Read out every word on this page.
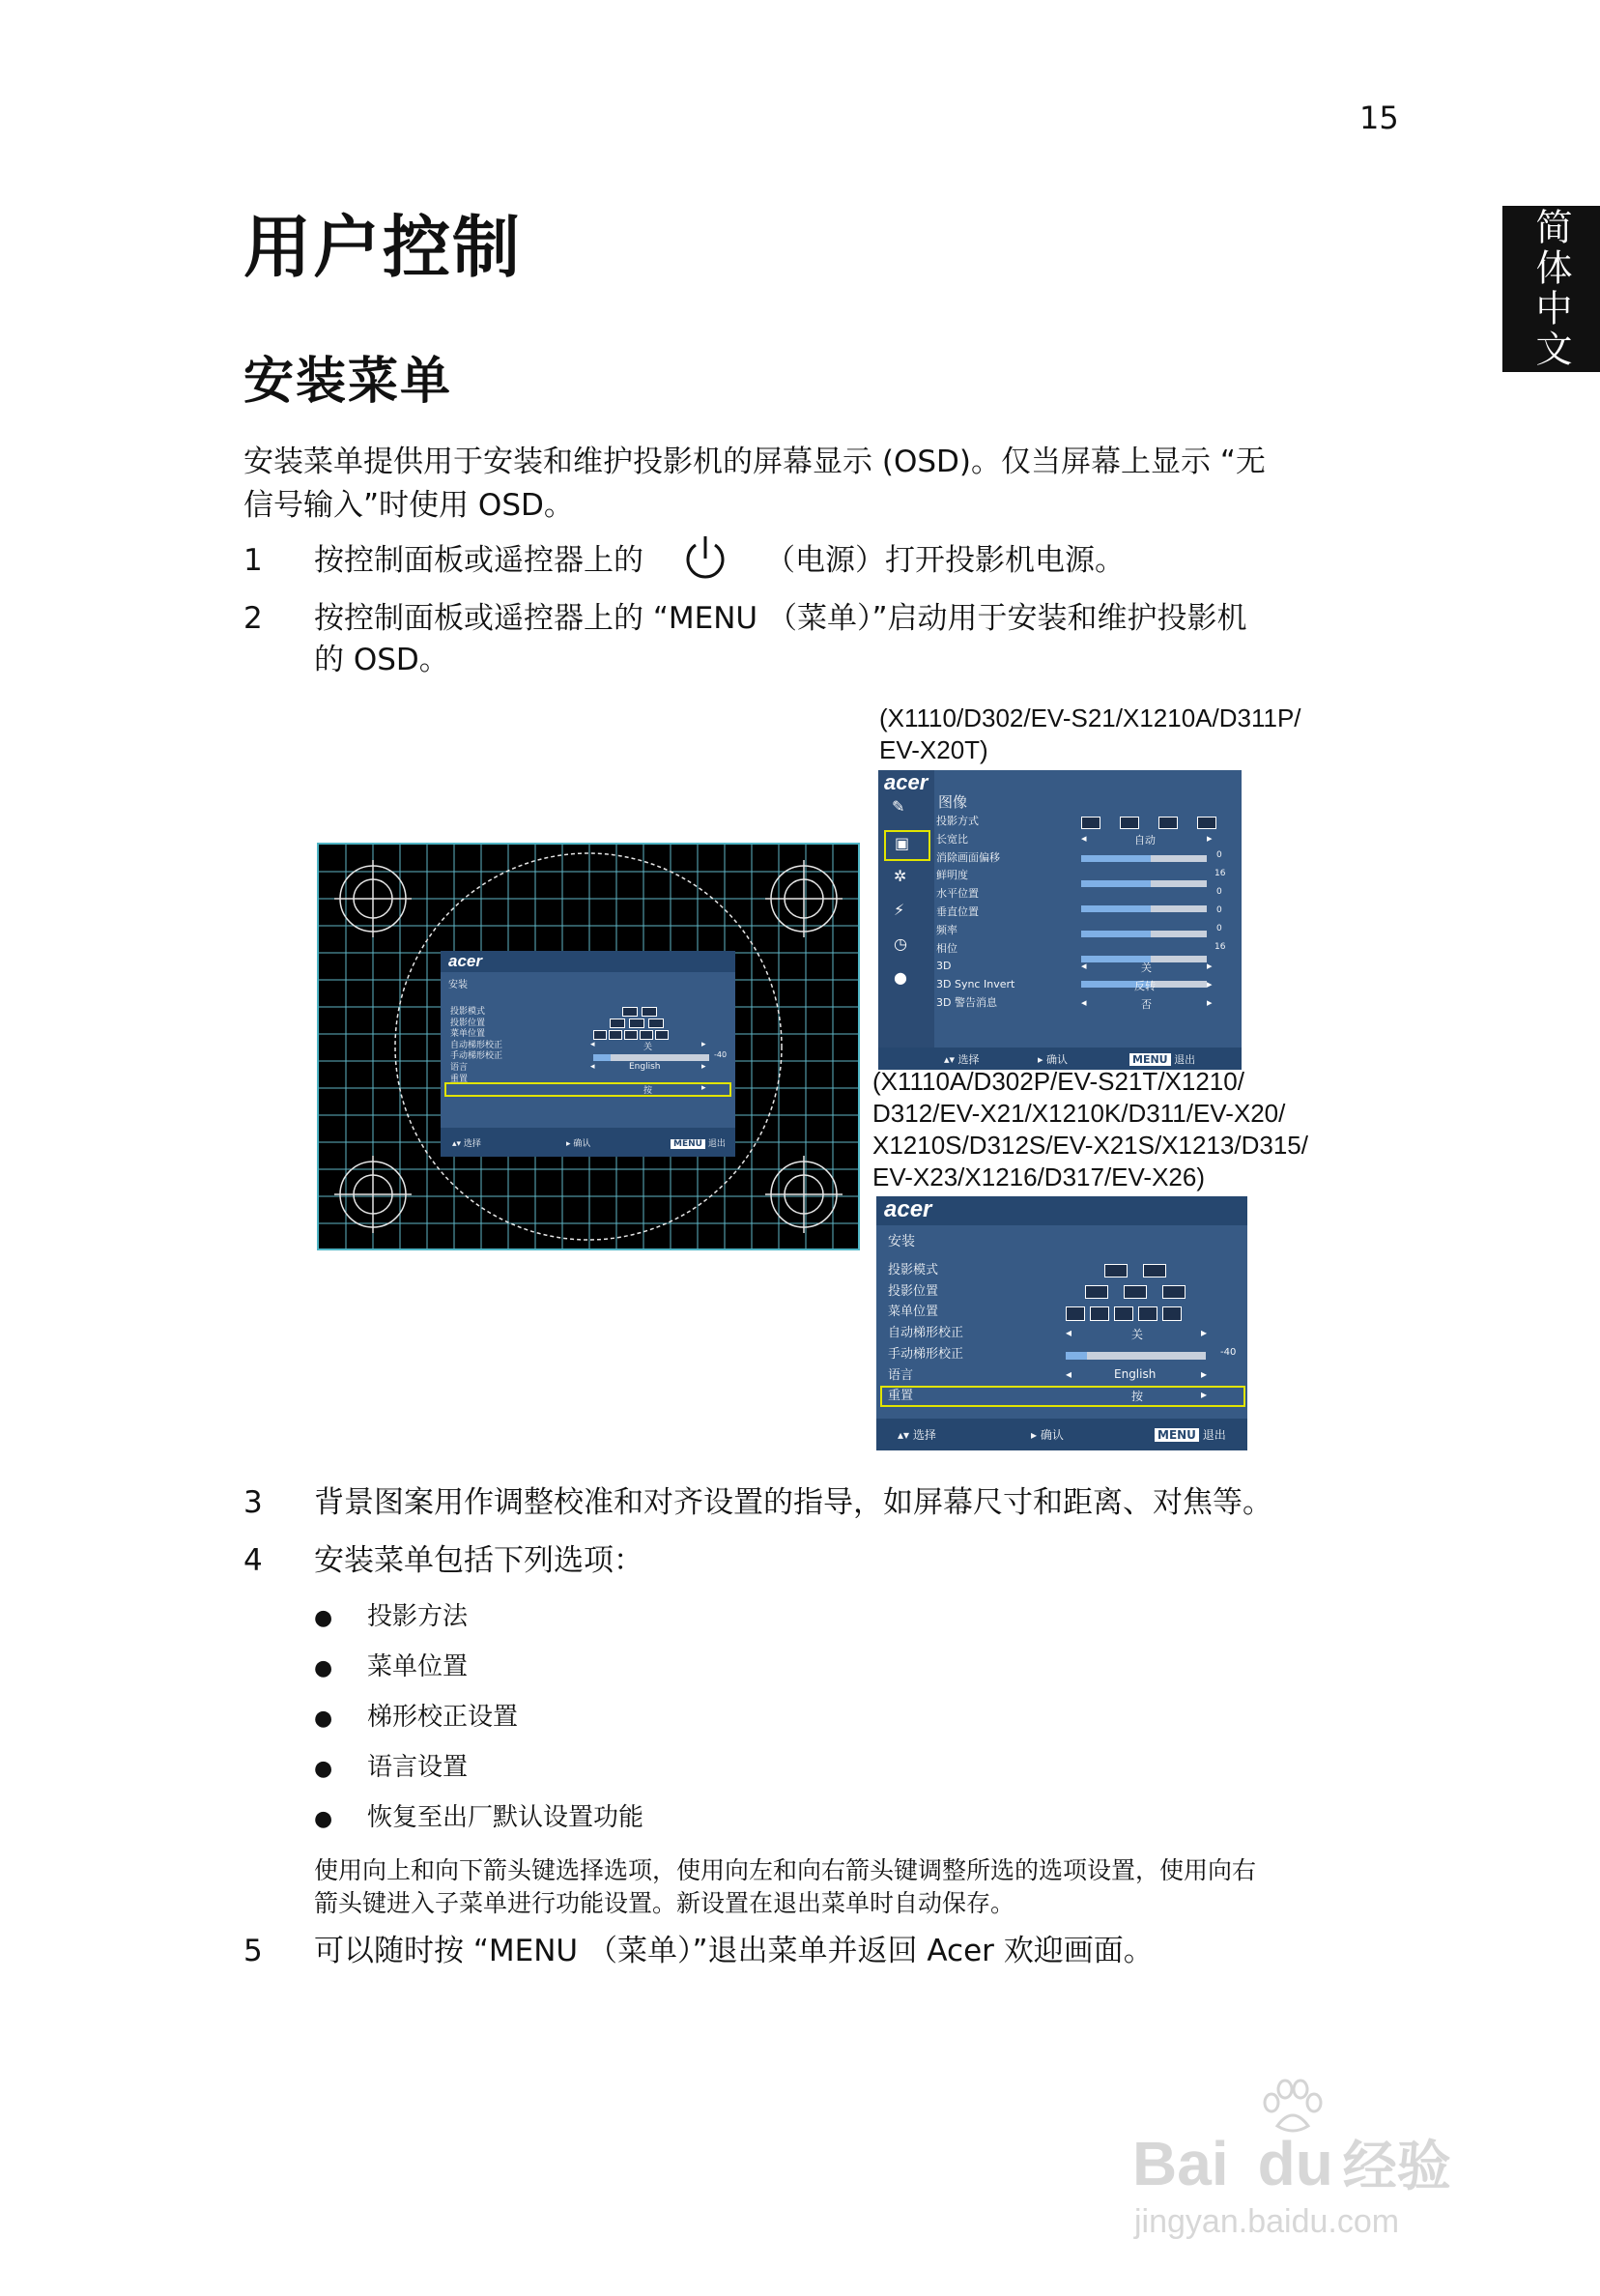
15
简体中文
用户控制
安装菜单
安装菜单提供用于安装和维护投影机的屏幕显示 (OSD)。仅当屏幕上显示 “无
信号输入”时使用 OSD。
1 按控制面板或遥控器上的	（电源）打开投影机电源。
2 按控制面板或遥控器上的 “MENU （菜单）”启动用于安装和维护投影机
的 OSD。
(X1110/D302/EV-S21/X1210A/D311P/
EV-X20T)
acer
安装
投影模式
投影位置
菜单位置
自动梯形校正
手动梯形校正
语言
重置
◂	关	▸
-40
◂	English	▸
按	▸
▴▾ 选择	▸ 确认	MENU 退出
acer
✎
▣
✲
⚡
◷
●
图像
投影方式
长宽比
消除画面偏移
鲜明度
水平位置
垂直位置
频率
相位
3D
3D Sync Invert
3D 警告消息
◂	自动	▸
0
16
0
0
0
16
◂	关	▸
反转	▸
◂	否	▸
▴▾ 选择	▸ 确认	MENU 退出
(X1110A/D302P/EV-S21T/X1210/
D312/EV-X21/X1210K/D311/EV-X20/
X1210S/D312S/EV-X21S/X1213/D315/
EV-X23/X1216/D317/EV-X26)
acer
安装
投影模式
投影位置
菜单位置
自动梯形校正
手动梯形校正
语言
重置
◂	关	▸
-40
◂	English	▸
按	▸
▴▾ 选择	▸ 确认	MENU 退出
3 背景图案用作调整校准和对齐设置的指导，如屏幕尺寸和距离、对焦等。
4 安装菜单包括下列选项：
● 投影方法
● 菜单位置
● 梯形校正设置
● 语言设置
● 恢复至出厂默认设置功能
使用向上和向下箭头键选择选项，使用向左和向右箭头键调整所选的选项设置，使用向右
箭头键进入子菜单进行功能设置。新设置在退出菜单时自动保存。
5 可以随时按 “MENU （菜单）”退出菜单并返回 Acer 欢迎画面。
Bai du 经验
jingyan.baidu.com
